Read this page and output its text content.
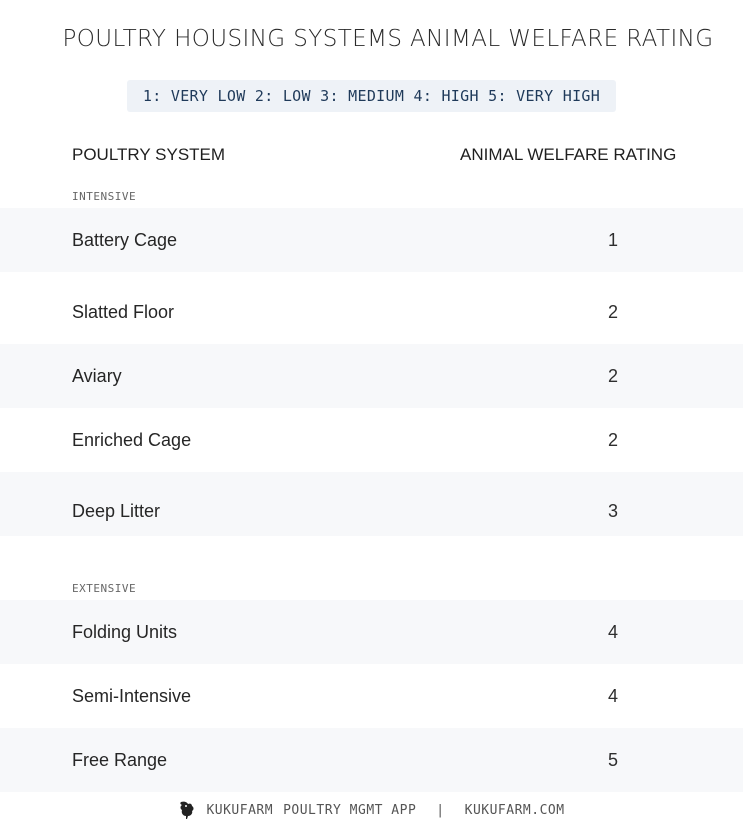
POULTRY HOUSING SYSTEMS ANIMAL WELFARE RATING
1: VERY LOW 2: LOW 3: MEDIUM 4: HIGH 5: VERY HIGH
POULTRY SYSTEM	ANIMAL WELFARE RATING
INTENSIVE
Battery Cage	1
Slatted Floor	2
Aviary	2
Enriched Cage	2
Deep Litter	3
EXTENSIVE
Folding Units	4
Semi-Intensive	4
Free Range	5
KUKUFARM POULTRY MGMT APP	|	KUKUFARM.COM
